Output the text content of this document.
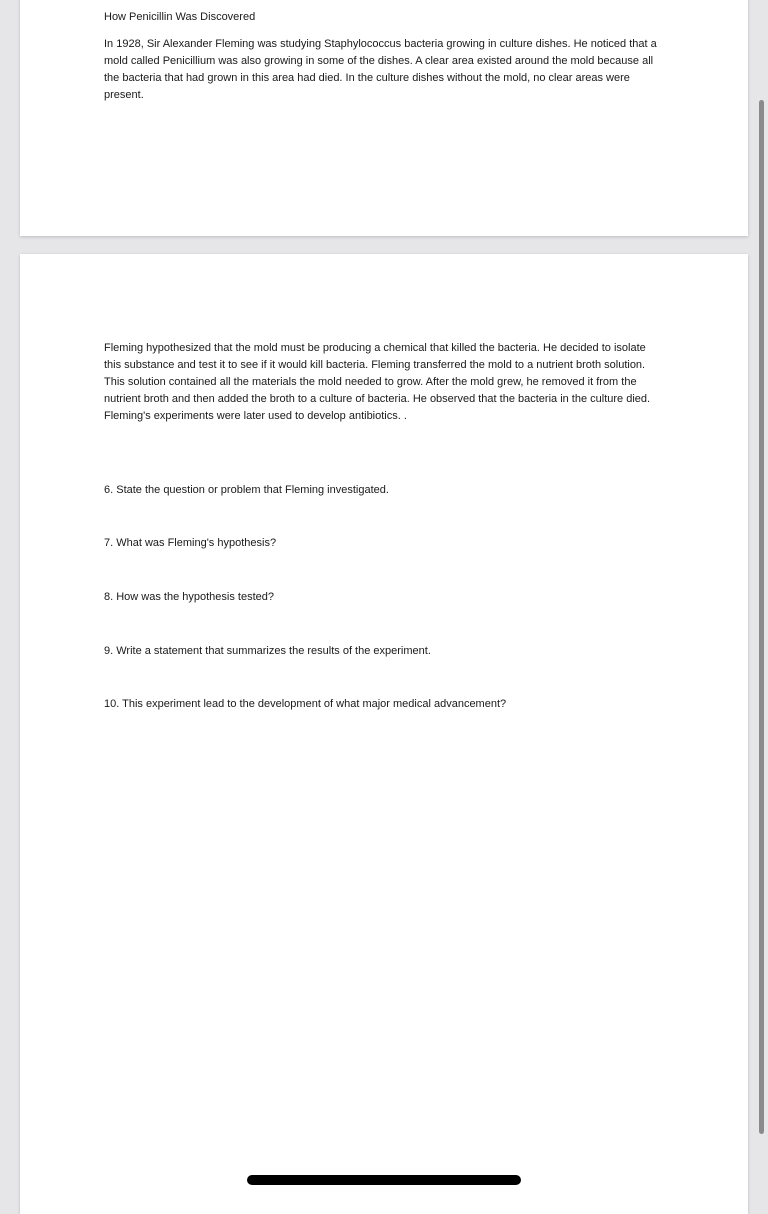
How Penicillin Was Discovered

In 1928, Sir Alexander Fleming was studying Staphylococcus bacteria growing in culture dishes. He noticed that a mold called Penicillium was also growing in some of the dishes. A clear area existed around the mold because all the bacteria that had grown in this area had died. In the culture dishes without the mold, no clear areas were present.

Fleming hypothesized that the mold must be producing a chemical that killed the bacteria. He decided to isolate this substance and test it to see if it would kill bacteria. Fleming transferred the mold to a nutrient broth solution. This solution contained all the materials the mold needed to grow. After the mold grew, he removed it from the nutrient broth and then added the broth to a culture of bacteria. He observed that the bacteria in the culture died. Fleming's experiments were later used to develop antibiotics. .

6. State the question or problem that Fleming investigated.

7. What was Fleming's hypothesis?

8. How was the hypothesis tested?

9. Write a statement that summarizes the results of the experiment.

10. This experiment lead to the development of what major medical advancement?
